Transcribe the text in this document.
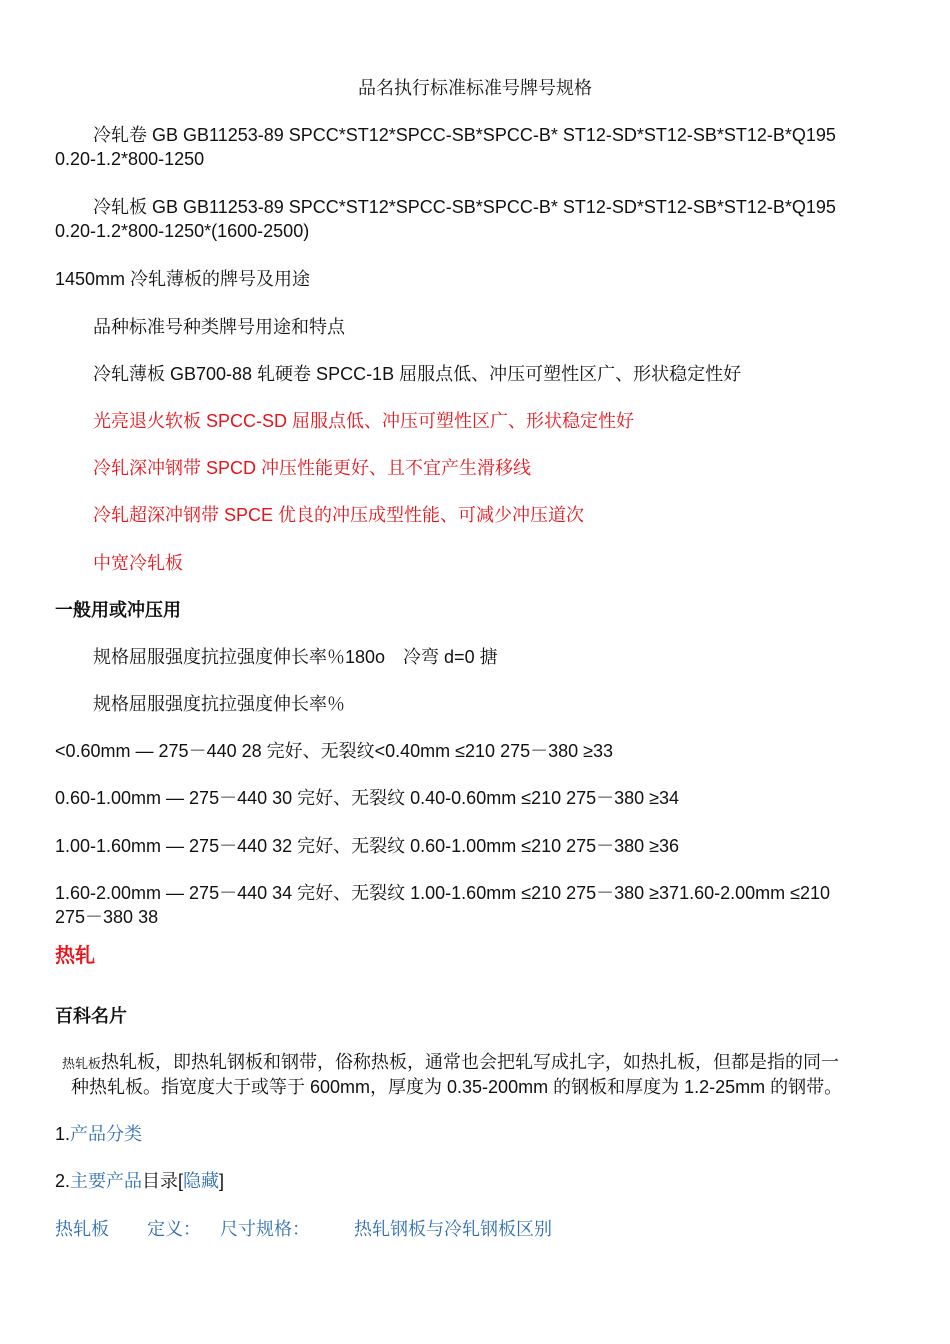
品名执行标准标准号牌号规格
冷轧卷 GB GB11253-89 SPCC*ST12*SPCC-SB*SPCC-B* ST12-SD*ST12-SB*ST12-B*Q195
0.20-1.2*800-1250
冷轧板 GB GB11253-89 SPCC*ST12*SPCC-SB*SPCC-B* ST12-SD*ST12-SB*ST12-B*Q195
0.20-1.2*800-1250*(1600-2500)
1450mm 冷轧薄板的牌号及用途
品种标准号种类牌号用途和特点
冷轧薄板 GB700-88 轧硬卷 SPCC-1B 屈服点低、冲压可塑性区广、形状稳定性好
光亮退火软板 SPCC-SD 屈服点低、冲压可塑性区广、形状稳定性好
冷轧深冲钢带 SPCD 冲压性能更好、且不宜产生滑移线
冷轧超深冲钢带 SPCE 优良的冲压成型性能、可减少冲压道次
中宽冷轧板
一般用或冲压用
规格屈服强度抗拉强度伸长率％180o　冷弯 d=0 搪
规格屈服强度抗拉强度伸长率％
<0.60mm — 275－440 28 完好、无裂纹<0.40mm ≤210 275－380 ≥33
0.60-1.00mm — 275－440 30 完好、无裂纹 0.40-0.60mm ≤210 275－380 ≥34
1.00-1.60mm — 275－440 32 完好、无裂纹 0.60-1.00mm ≤210 275－380 ≥36
1.60-2.00mm — 275－440 34 完好、无裂纹 1.00-1.60mm ≤210 275－380 ≥371.60-2.00mm ≤210
275－380 38
热轧
百科名片
热轧板热轧板，即热轧钢板和钢带，俗称热板，通常也会把轧写成扎字，如热扎板，但都是指的同一
种热轧板。指宽度大于或等于 600mm，厚度为 0.35-200mm 的钢板和厚度为 1.2-25mm 的钢带。
1.产品分类
2.主要产品目录[隐藏]
热轧板 定义： 尺寸规格： 热轧钢板与冷轧钢板区别
